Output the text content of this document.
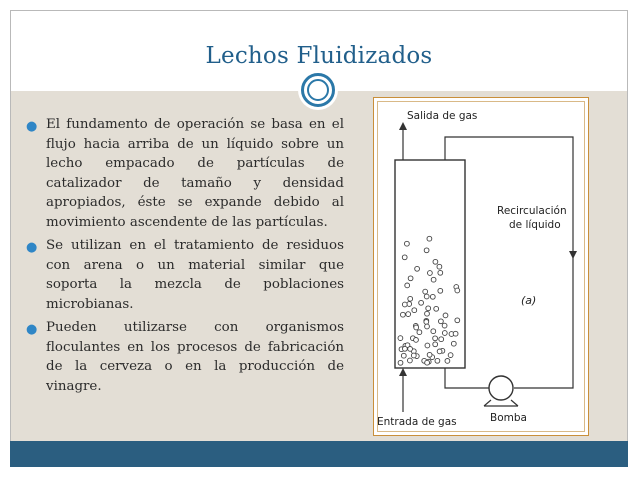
Lechos Fluidizados
● El fundamento de operación se basa en el flujo hacia arriba de un líquido sobre un lecho empacado de partículas de catalizador de tamaño y densidad apropiados, éste se expande debido al movimiento ascendente de las partículas.
● Se utilizan en el tratamiento de residuos con arena o un material similar que soporta la mezcla de poblaciones microbianas.
● Pueden utilizarse con organismos floculantes en los procesos de fabricación de la cerveza o en la producción de vinagre.
Salida de gas
Recirculación
de líquido
(a)
Bomba
Entrada de gas
